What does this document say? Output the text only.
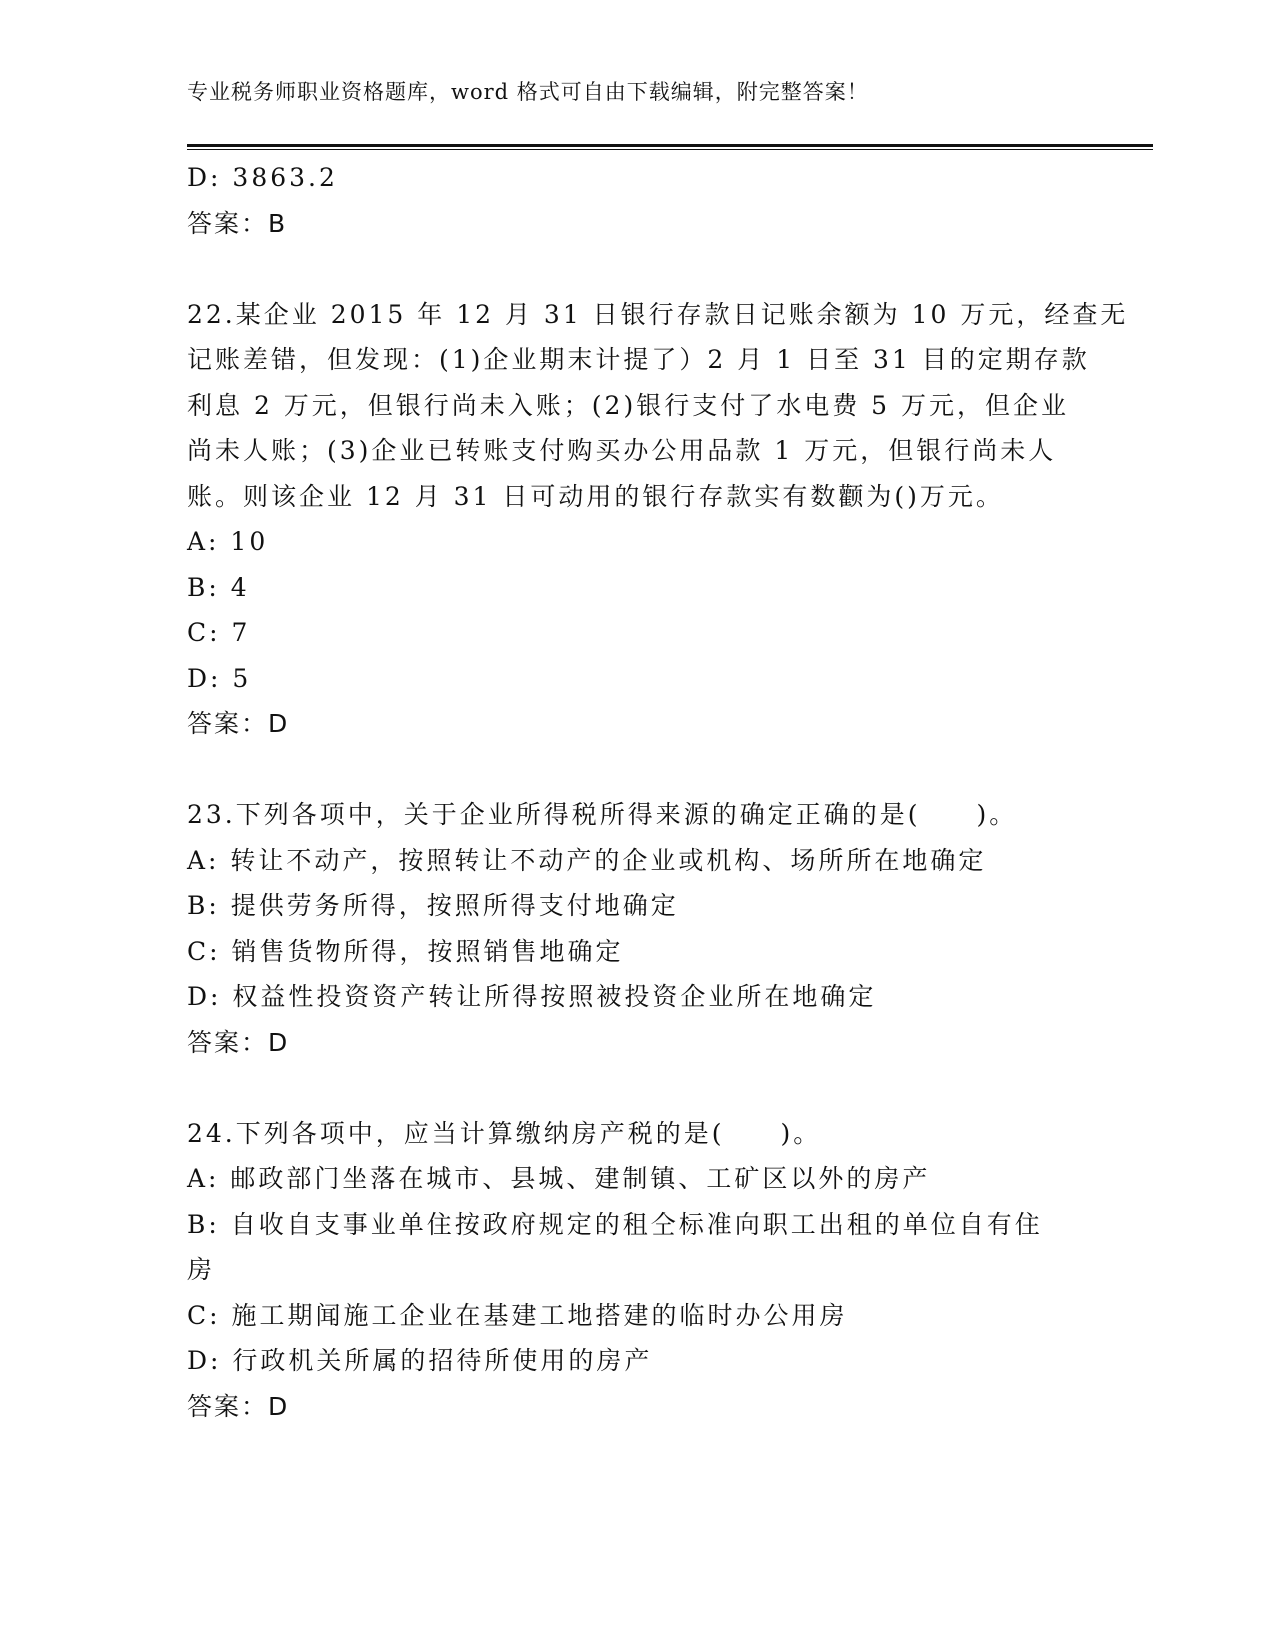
专业税务师职业资格题库，word 格式可自由下载编辑，附完整答案！
D: 3863.2
答案：B
22.某企业 2015 年 12 月 31 日银行存款日记账余额为 10 万元，经查无
记账差错，但发现：(1)企业期末计提了）2 月 1 日至 31 目的定期存款
利息 2 万元，但银行尚未入账；(2)银行支付了水电费 5 万元，但企业
尚未人账；(3)企业已转账支付购买办公用品款 1 万元，但银行尚未人
账。则该企业 12 月 31 日可动用的银行存款实有数颧为()万元。
A: 10
B: 4
C: 7
D: 5
答案：D
23.下列各项中，关于企业所得税所得来源的确定正确的是(　　)。
A: 转让不动产，按照转让不动产的企业或机构、场所所在地确定
B: 提供劳务所得，按照所得支付地确定
C: 销售货物所得，按照销售地确定
D: 权益性投资资产转让所得按照被投资企业所在地确定
答案：D
24.下列各项中，应当计算缴纳房产税的是(　　)。
A: 邮政部门坐落在城市、县城、建制镇、工矿区以外的房产
B: 自收自支事业单住按政府规定的租仝标准向职工出租的单位自有住
房
C: 施工期闻施工企业在基建工地搭建的临时办公用房
D: 行政机关所属的招待所使用的房产
答案：D
